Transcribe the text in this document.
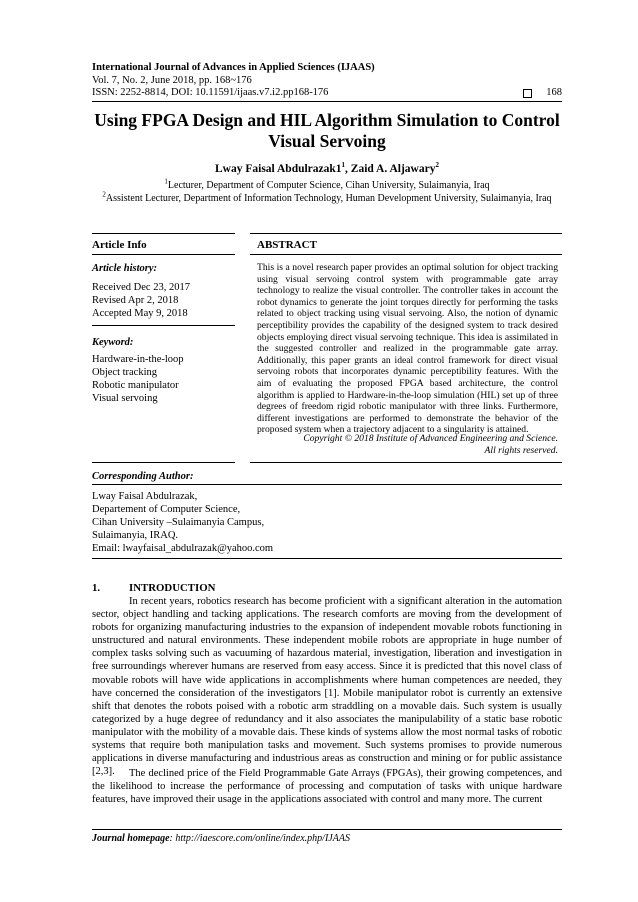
International Journal of Advances in Applied Sciences (IJAAS)
Vol. 7, No. 2, June 2018, pp. 168~176
ISSN: 2252-8814, DOI: 10.11591/ijaas.v7.i2.pp168-176	168
Using FPGA Design and HIL Algorithm Simulation to Control
Visual Servoing
Lway Faisal $Abdulrazak1^1$, Zaid A. Aljawary$^2$
$^1$Lecturer, Department of Computer Science, Cihan University, Sulaimanyia, Iraq
$^2$Assistent Lecturer, Department of Information Technology, Human Development University, Sulaimanyia, Iraq
Article Info
Article history:
Received Dec 23, 2017
Revised Apr 2, 2018
Accepted May 9, 2018
Keyword:
Hardware-in-the-loop
Object tracking
Robotic manipulator
Visual servoing
ABSTRACT
This is a novel research paper provides an optimal solution for object tracking using visual servoing control system with programmable gate array technology to realize the visual controller. The controller takes in account the robot dynamics to generate the joint torques directly for performing the tasks related to object tracking using visual servoing. Also, the notion of dynamic perceptibility provides the capability of the designed system to track desired objects employing direct visual servoing technique. This idea is assimilated in the suggested controller and realized in the programmable gate array. Additionally, this paper grants an ideal control framework for direct visual servoing robots that incorporates dynamic perceptibility features. With the aim of evaluating the proposed FPGA based architecture, the control algorithm is applied to Hardware-in-the-loop simulation (HIL) set up of three degrees of freedom rigid robotic manipulator with three links. Furthermore, different investigations are performed to demonstrate the behavior of the proposed system when a trajectory adjacent to a singularity is attained.
Copyright © 2018 Institute of Advanced Engineering and Science.
All rights reserved.
Corresponding Author:
Lway Faisal Abdulrazak,
Departement of Computer Science,
Cihan University –Sulaimanyia Campus,
Sulaimanyia, IRAQ.
Email: lwayfaisal_abdulrazak@yahoo.com
1.	INTRODUCTION

In recent years, robotics research has become proficient with a significant alteration in the automation sector, object handling and tacking applications. The research comforts are moving from the development of robots for organizing manufacturing industries to the expansion of independent movable robots functioning in unstructured and natural environments. These independent mobile robots are appropriate in huge number of complex tasks solving such as vacuuming of hazardous material, investigation, liberation and investigation in free surroundings wherever humans are reserved from easy access. Since it is predicted that this novel class of movable robots will have wide applications in accomplishments where human competences are needed, they have concerned the consideration of the investigators [1]. Mobile manipulator robot is currently an extensive shift that denotes the robots poised with a robotic arm straddling on a movable dais. Such system is usually categorized by a huge degree of redundancy and it also associates the manipulability of a static base robotic manipulator with the mobility of a movable dais. These kinds of systems allow the most normal tasks of robotic systems that require both manipulation tasks and movement. Such systems promises to provide numerous applications in diverse manufacturing and industrious areas as construction and mining or for public assistance [2,3].	The declined price of the Field Programmable Gate Arrays (FPGAs), their growing competences, and the likelihood to increase the performance of processing and computation of tasks with unique hardware features, have improved their usage in the applications associated with control and many more. The current

Journal homepage: http://iaescore.com/online/index.php/IJAAS
